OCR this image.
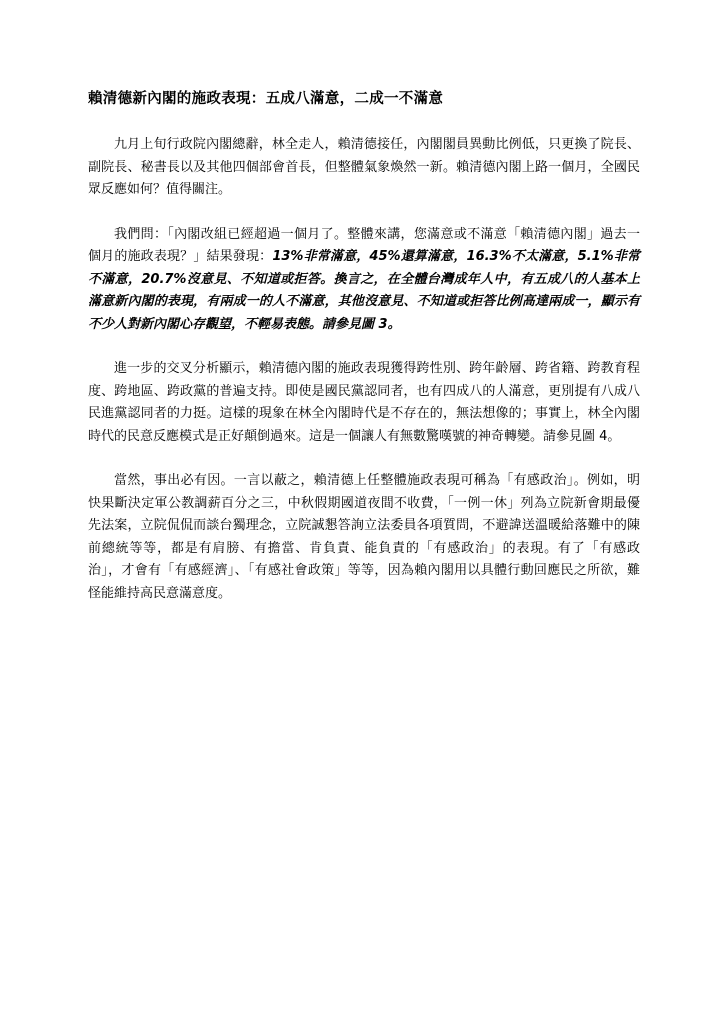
賴清德新內閣的施政表現：五成八滿意，二成一不滿意

九月上旬行政院內閣總辭，林全走人，賴清德接任，內閣閣員異動比例低，只更換了院長、副院長、秘書長以及其他四個部會首長，但整體氣象煥然一新。賴清德內閣上路一個月，全國民眾反應如何？值得關注。

我們問：「內閣改組已經超過一個月了。整體來講，您滿意或不滿意「賴清德內閣」過去一個月的施政表現？」結果發現：13%非常滿意，45%還算滿意，16.3%不太滿意，5.1%非常不滿意，20.7%沒意見、不知道或拒答。換言之，在全體台灣成年人中，有五成八的人基本上滿意新內閣的表現，有兩成一的人不滿意，其他沒意見、不知道或拒答比例高達兩成一，顯示有不少人對新內閣心存觀望，不輕易表態。請參見圖 3。

進一步的交叉分析顯示，賴清德內閣的施政表現獲得跨性別、跨年齡層、跨省籍、跨教育程度、跨地區、跨政黨的普遍支持。即使是國民黨認同者，也有四成八的人滿意，更別提有八成八民進黨認同者的力挺。這樣的現象在林全內閣時代是不存在的，無法想像的；事實上，林全內閣時代的民意反應模式是正好顛倒過來。這是一個讓人有無數驚嘆號的神奇轉變。請參見圖 4。

當然，事出必有因。一言以蔽之，賴清德上任整體施政表現可稱為「有感政治」。例如，明快果斷決定軍公教調薪百分之三，中秋假期國道夜間不收費，「一例一休」列為立院新會期最優先法案，立院侃侃而談台獨理念，立院誠懇答詢立法委員各項質問，不避諱送溫暖給落難中的陳前總統等等，都是有肩膀、有擔當、肯負責、能負責的「有感政治」的表現。有了「有感政治」，才會有「有感經濟」、「有感社會政策」等等，因為賴內閣用以具體行動回應民之所欲，難怪能維持高民意滿意度。
